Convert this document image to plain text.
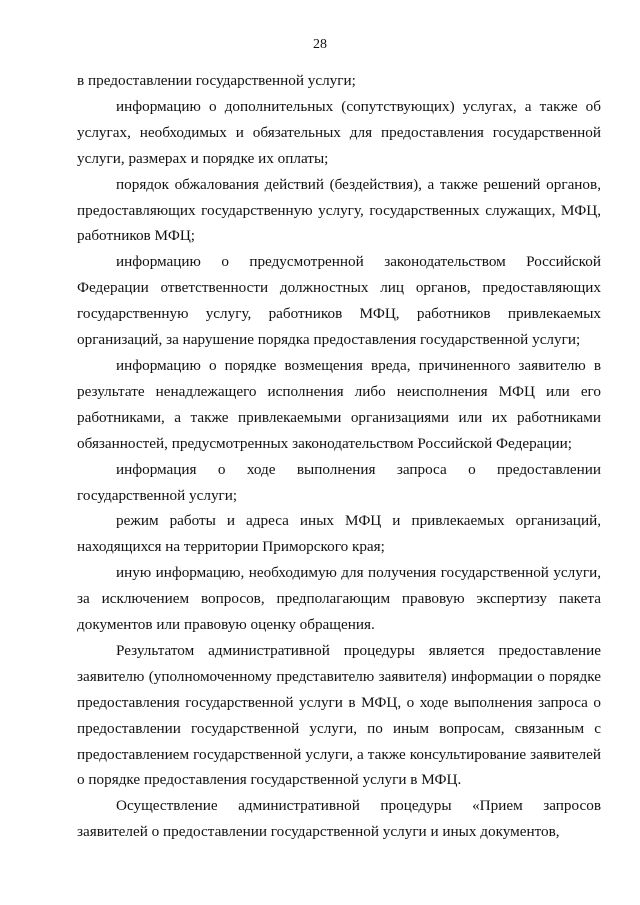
28

в предоставлении государственной услуги;

информацию о дополнительных (сопутствующих) услугах, а также об услугах, необходимых и обязательных для предоставления государственной услуги, размерах и порядке их оплаты;

порядок обжалования действий (бездействия), а также решений органов, предоставляющих государственную услугу, государственных служащих, МФЦ, работников МФЦ;

информацию о предусмотренной законодательством Российской Федерации ответственности должностных лиц органов, предоставляющих государственную услугу, работников МФЦ, работников привлекаемых организаций, за нарушение порядка предоставления государственной услуги;

информацию о порядке возмещения вреда, причиненного заявителю в результате ненадлежащего исполнения либо неисполнения МФЦ или его работниками, а также привлекаемыми организациями или их работниками обязанностей, предусмотренных законодательством Российской Федерации;

информация о ходе выполнения запроса о предоставлении государственной услуги;

режим работы и адреса иных МФЦ и привлекаемых организаций, находящихся на территории Приморского края;

иную информацию, необходимую для получения государственной услуги, за исключением вопросов, предполагающим правовую экспертизу пакета документов или правовую оценку обращения.

Результатом административной процедуры является предоставление заявителю (уполномоченному представителю заявителя) информации о порядке предоставления государственной услуги в МФЦ, о ходе выполнения запроса о предоставлении государственной услуги, по иным вопросам, связанным с предоставлением государственной услуги, а также консультирование заявителей о порядке предоставления государственной услуги в МФЦ.

Осуществление административной процедуры «Прием запросов заявителей о предоставлении государственной услуги и иных документов,
